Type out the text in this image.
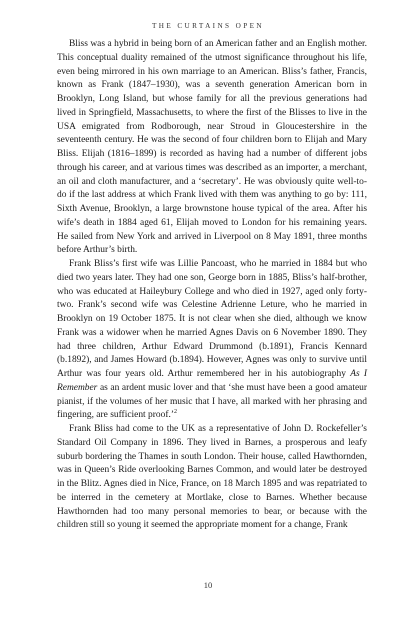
THE CURTAINS OPEN

Bliss was a hybrid in being born of an American father and an English mother. This conceptual duality remained of the utmost significance throughout his life, even being mirrored in his own marriage to an American. Bliss’s father, Francis, known as Frank (1847–1930), was a seventh generation American born in Brooklyn, Long Island, but whose family for all the previous generations had lived in Springfield, Massachusetts, to where the first of the Blisses to live in the USA emigrated from Rodborough, near Stroud in Gloucestershire in the seventeenth century. He was the second of four children born to Elijah and Mary Bliss. Elijah (1816–1899) is recorded as having had a number of different jobs through his career, and at various times was described as an importer, a merchant, an oil and cloth manufacturer, and a ‘secretary’. He was obviously quite well-to-do if the last address at which Frank lived with them was anything to go by: 111, Sixth Avenue, Brooklyn, a large brownstone house typical of the area. After his wife’s death in 1884 aged 61, Elijah moved to London for his remaining years. He sailed from New York and arrived in Liverpool on 8 May 1891, three months before Arthur’s birth.

Frank Bliss’s first wife was Lillie Pancoast, who he married in 1884 but who died two years later. They had one son, George born in 1885, Bliss’s half-brother, who was educated at Haileybury College and who died in 1927, aged only forty-two. Frank’s second wife was Celestine Adrienne Leture, who he married in Brooklyn on 19 October 1875. It is not clear when she died, although we know Frank was a widower when he married Agnes Davis on 6 November 1890. They had three children, Arthur Edward Drummond (b.1891), Francis Kennard (b.1892), and James Howard (b.1894). However, Agnes was only to survive until Arthur was four years old. Arthur remembered her in his autobiography As I Remember as an ardent music lover and that ‘she must have been a good amateur pianist, if the volumes of her music that I have, all marked with her phrasing and fingering, are sufficient proof.’$^2$

Frank Bliss had come to the UK as a representative of John D. Rockefeller’s Standard Oil Company in 1896. They lived in Barnes, a prosperous and leafy suburb bordering the Thames in south London. Their house, called Hawthornden, was in Queen’s Ride overlooking Barnes Common, and would later be destroyed in the Blitz. Agnes died in Nice, France, on 18 March 1895 and was repatriated to be interred in the cemetery at Mortlake, close to Barnes. Whether because Hawthornden had too many personal memories to bear, or because with the children still so young it seemed the appropriate moment for a change, Frank

10
